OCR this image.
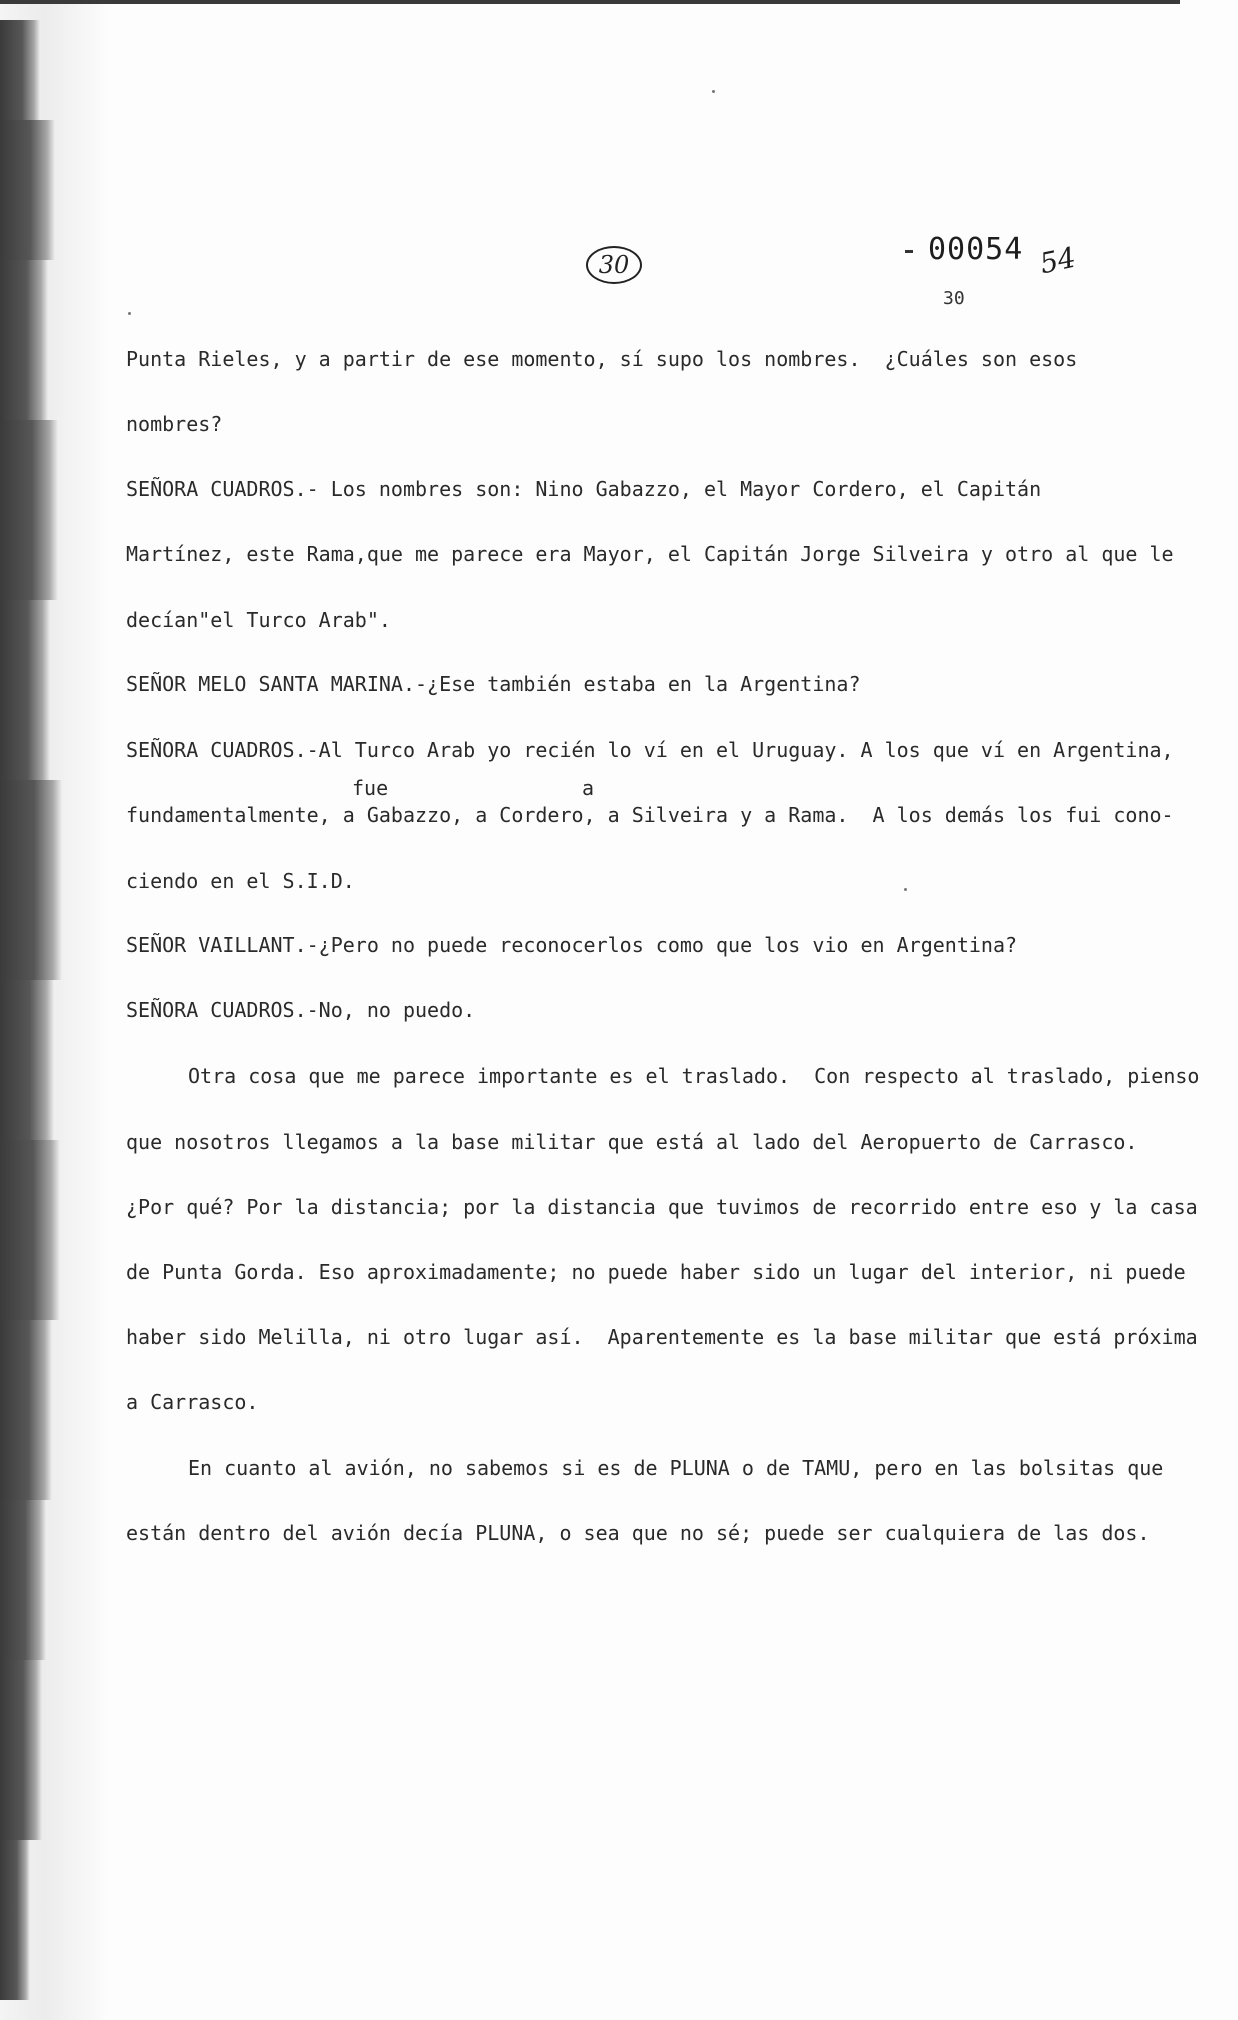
30	00054 54
30
fue	a
Punta Rieles, y a partir de ese momento, sí supo los nombres.  ¿Cuáles son esos
nombres?
SEÑORA CUADROS.- Los nombres son: Nino Gabazzo, el Mayor Cordero, el Capitán
Martínez, este Rama,que me parece era Mayor, el Capitán Jorge Silveira y otro al que le
decían"el Turco Arab".
SEÑOR MELO SANTA MARINA.-¿Ese también estaba en la Argentina?
SEÑORA CUADROS.-Al Turco Arab yo recién lo ví en el Uruguay. A los que ví en Argentina,
fundamentalmente, a Gabazzo, a Cordero, a Silveira y a Rama.  A los demás los fui cono-
ciendo en el S.I.D.
SEÑOR VAILLANT.-¿Pero no puede reconocerlos como que los vio en Argentina?
SEÑORA CUADROS.-No, no puedo.
Otra cosa que me parece importante es el traslado.  Con respecto al traslado, pienso
que nosotros llegamos a la base militar que está al lado del Aeropuerto de Carrasco.
¿Por qué? Por la distancia; por la distancia que tuvimos de recorrido entre eso y la casa
de Punta Gorda. Eso aproximadamente; no puede haber sido un lugar del interior, ni puede
haber sido Melilla, ni otro lugar así.  Aparentemente es la base militar que está próxima
a Carrasco.
En cuanto al avión, no sabemos si es de PLUNA o de TAMU, pero en las bolsitas que
están dentro del avión decía PLUNA, o sea que no sé; puede ser cualquiera de las dos.
